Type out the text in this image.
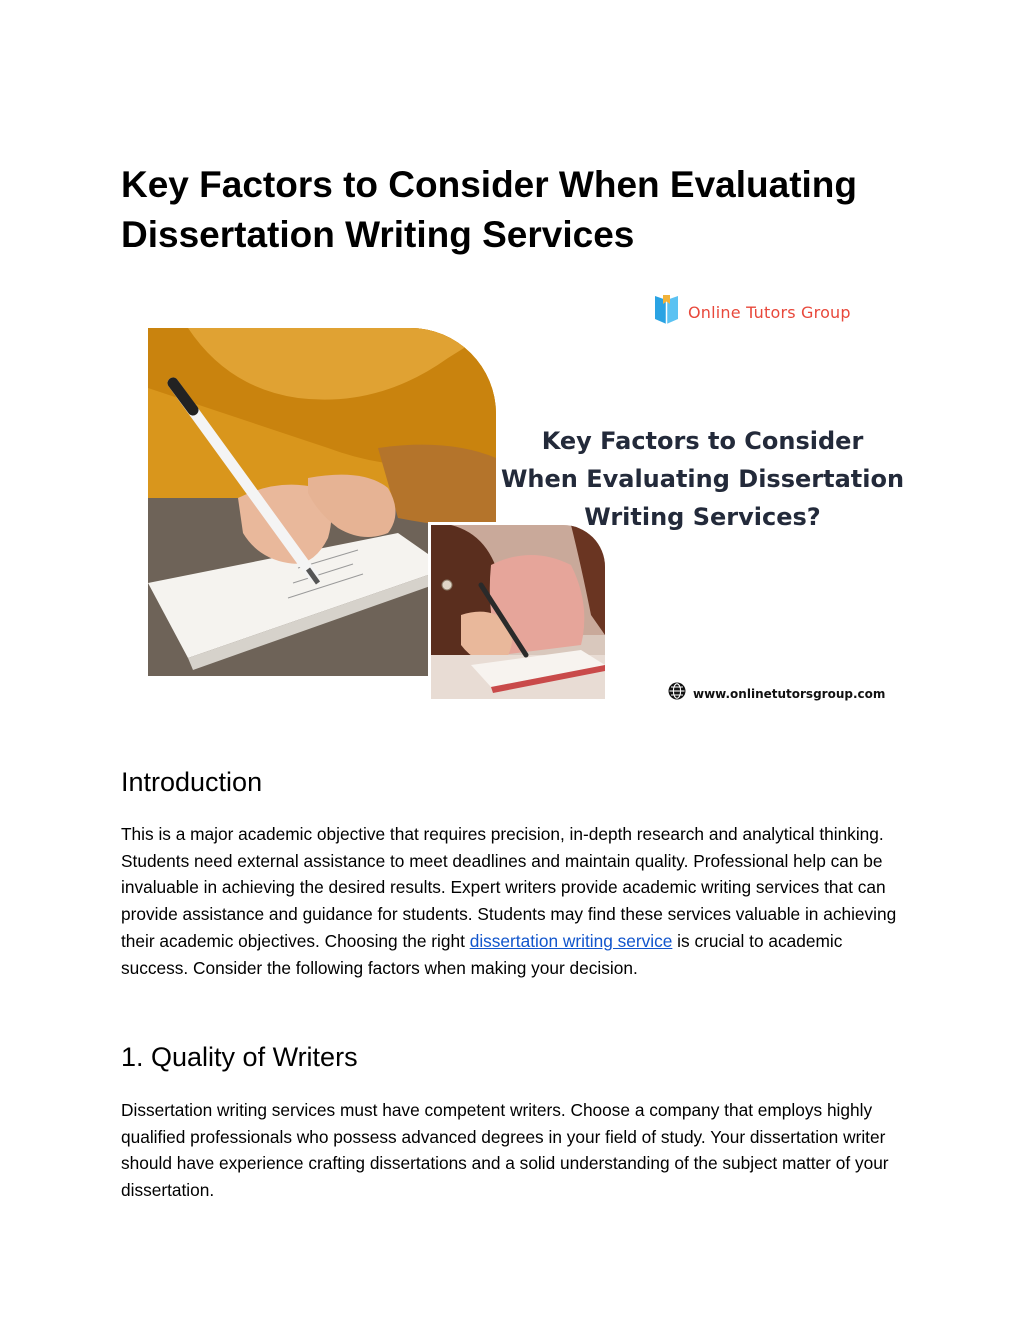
Key Factors to Consider When Evaluating Dissertation Writing Services
Online Tutors Group
Key Factors to Consider When Evaluating Dissertation Writing Services?
www.onlinetutorsgroup.com
Introduction

This is a major academic objective that requires precision, in-depth research and analytical thinking. Students need external assistance to meet deadlines and maintain quality. Professional help can be invaluable in achieving the desired results. Expert writers provide academic writing services that can provide assistance and guidance for students. Students may find these services valuable in achieving their academic objectives. Choosing the right dissertation writing service is crucial to academic success. Consider the following factors when making your decision.

1. Quality of Writers

Dissertation writing services must have competent writers. Choose a company that employs highly qualified professionals who possess advanced degrees in your field of study. Your dissertation writer should have experience crafting dissertations and a solid understanding of the subject matter of your dissertation.
